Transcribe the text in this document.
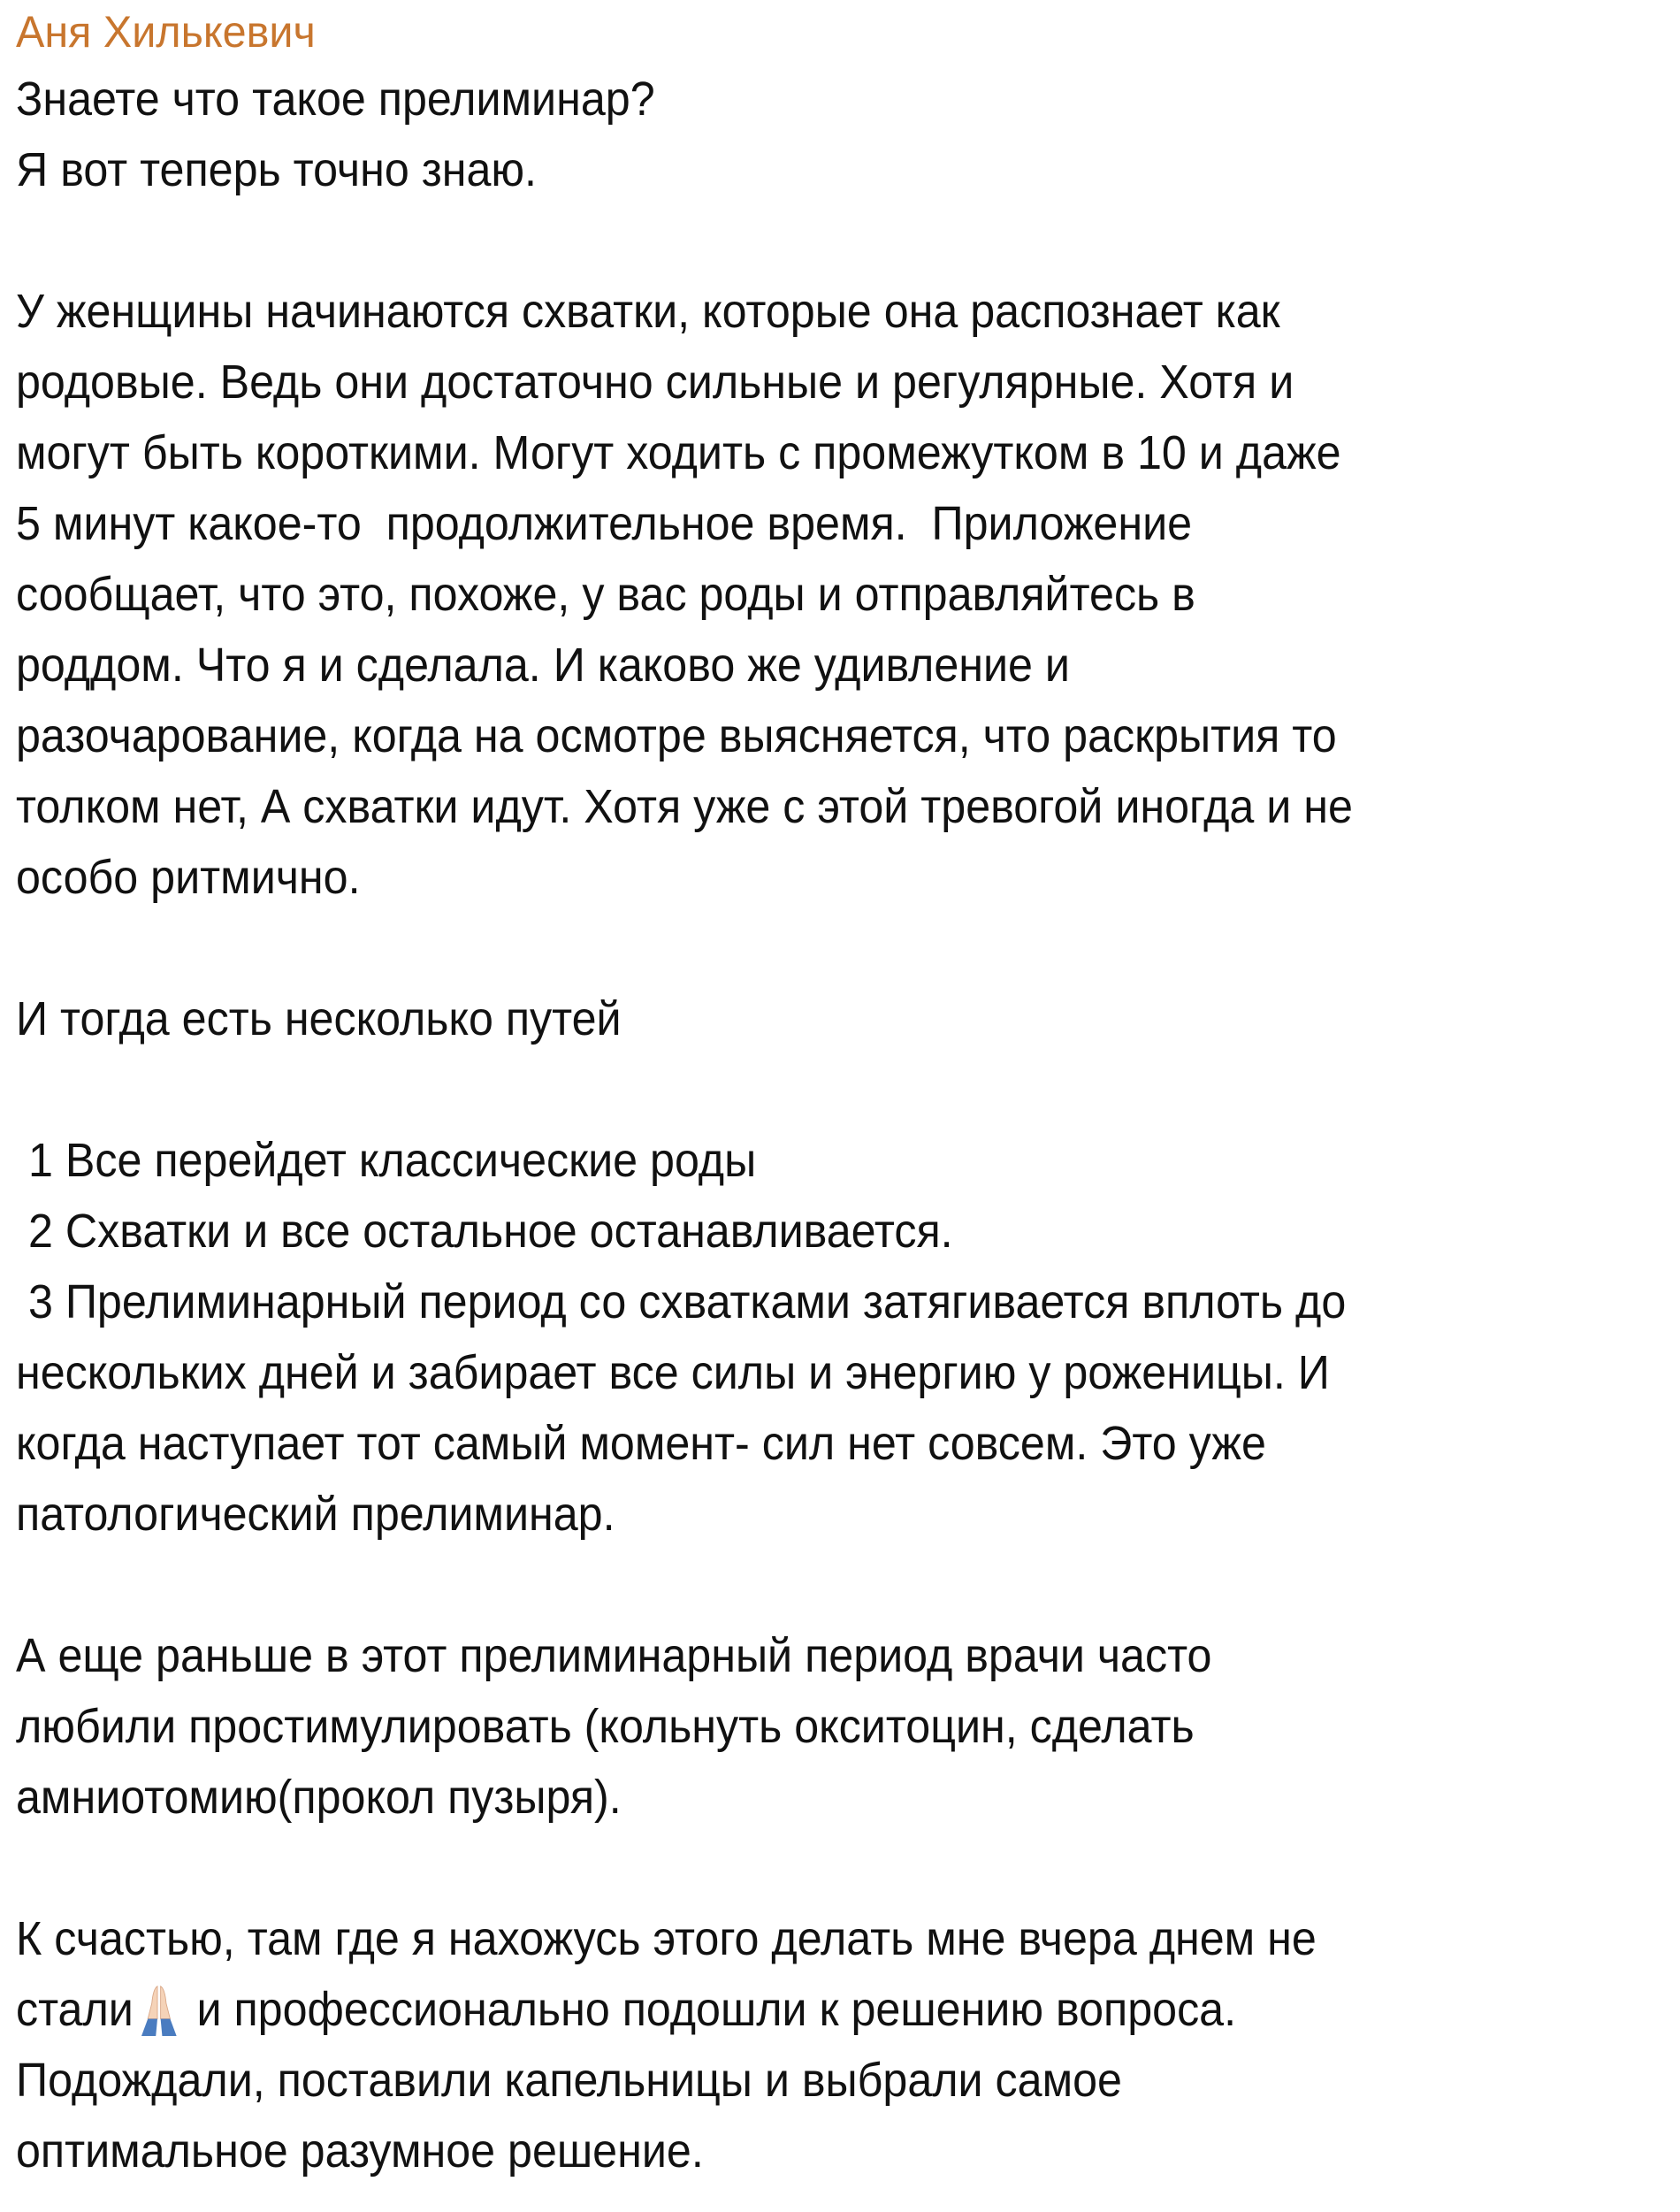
Аня Хилькевич
Знаете что такое прелиминар?
Я вот теперь точно знаю.
У женщины начинаются схватки, которые она распознает как
родовые. Ведь они достаточно сильные и регулярные. Хотя и
могут быть короткими. Могут ходить с промежутком в 10 и даже
5 минут какое-то  продолжительное время.  Приложение
сообщает, что это, похоже, у вас роды и отправляйтесь в
роддом. Что я и сделала. И каково же удивление и
разочарование, когда на осмотре выясняется, что раскрытия то
толком нет, А схватки идут. Хотя уже с этой тревогой иногда и не
особо ритмично.
И тогда есть несколько путей
1 Все перейдет классические роды
2 Схватки и все остальное останавливается.
3 Прелиминарный период со схватками затягивается вплоть до
нескольких дней и забирает все силы и энергию у роженицы. И
когда наступает тот самый момент- сил нет совсем. Это уже
патологический прелиминар.
А еще раньше в этот прелиминарный период врачи часто
любили простимулировать (кольнуть окситоцин, сделать
амниотомию(прокол пузыря).
К счастью, там где я нахожусь этого делать мне вчера днем не
стали и профессионально подошли к решению вопроса.
Подождали, поставили капельницы и выбрали самое
оптимальное разумное решение.
